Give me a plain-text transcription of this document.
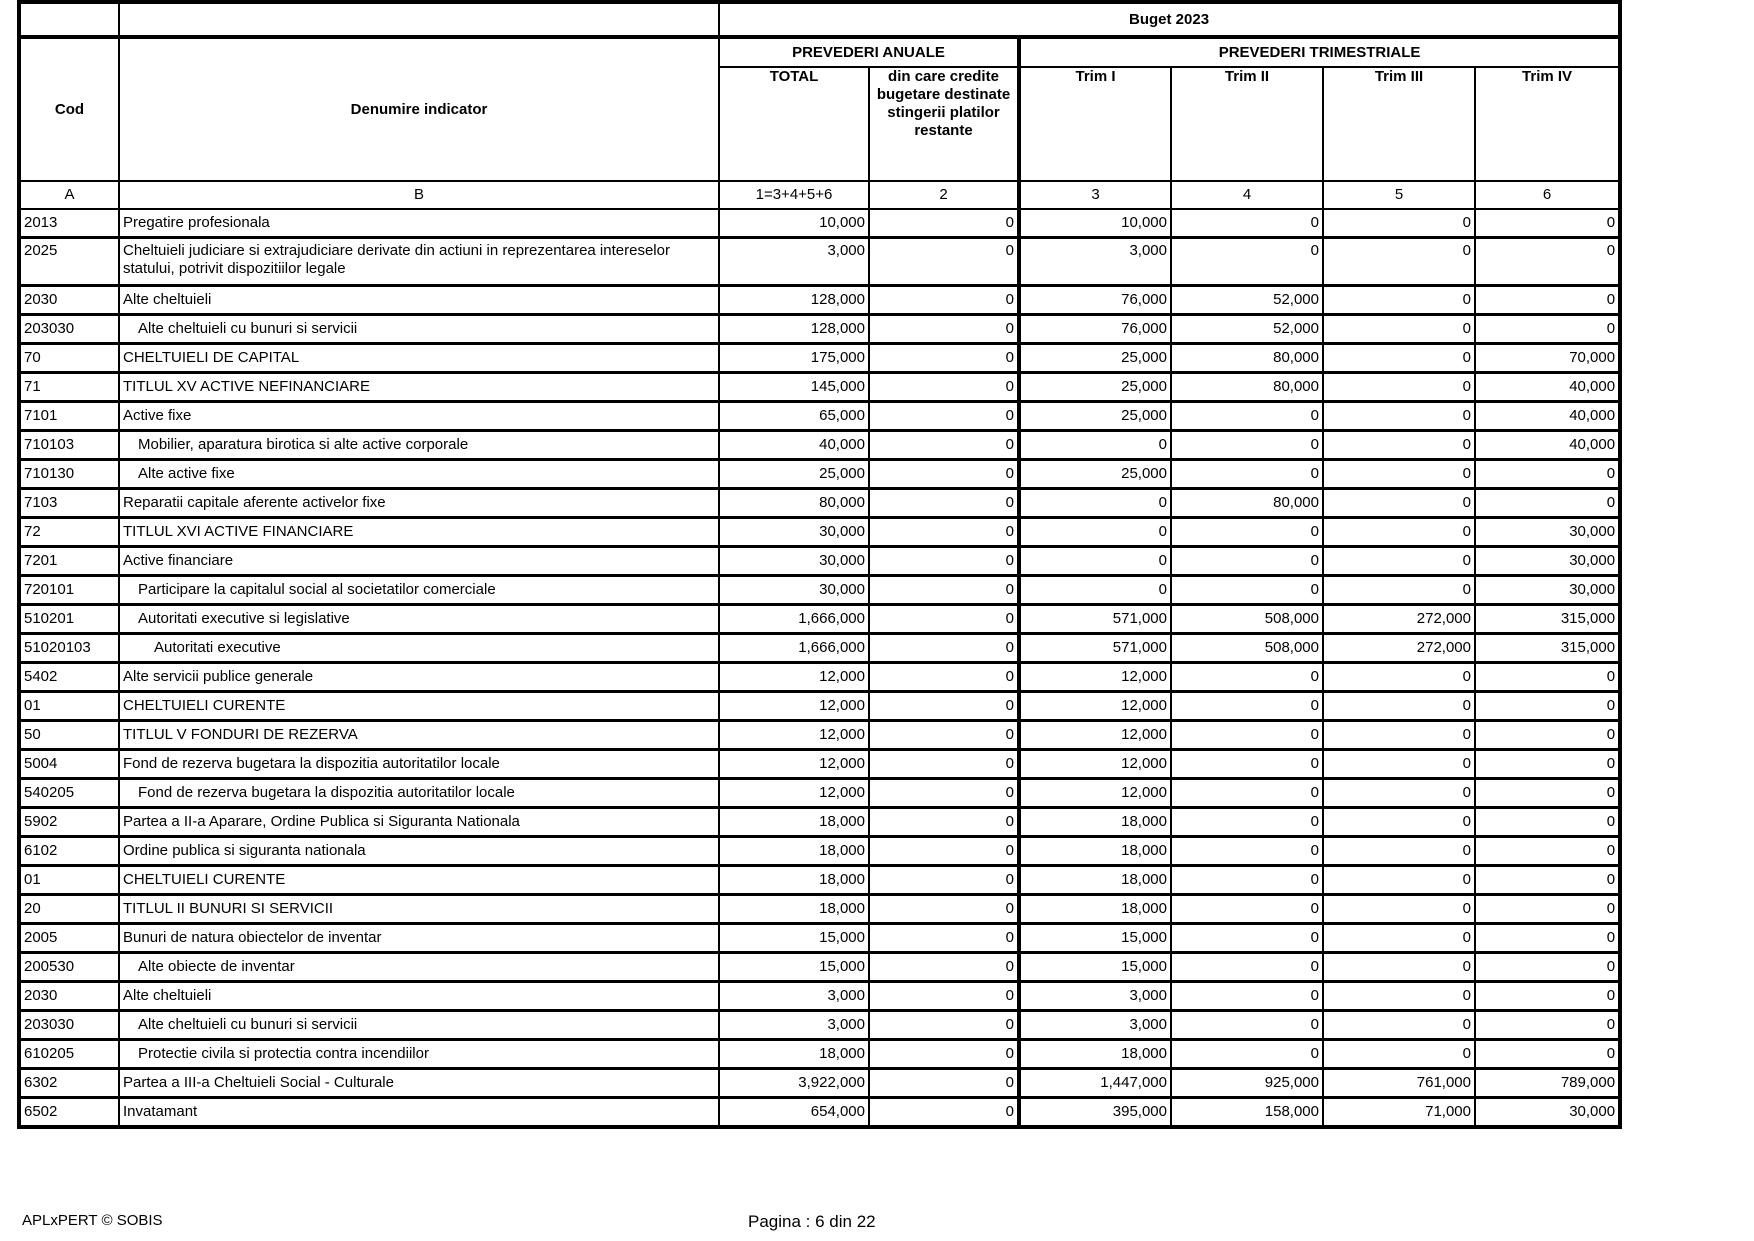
		Buget 2023					
Cod	Denumire indicator	PREVEDERI ANUALE		PREVEDERI TRIMESTRIALE			
		TOTAL	din care credite bugetare destinate stingerii platilor restante	Trim I	Trim II	Trim III	Trim IV
A	B	1=3+4+5+6	2	3	4	5	6
2013	Pregatire profesionala	10,000	0	10,000	0	0	0
2025	Cheltuieli judiciare si extrajudiciare derivate din actiuni in reprezentarea intereselor statului, potrivit dispozitiilor legale	3,000	0	3,000	0	0	0
2030	Alte cheltuieli	128,000	0	76,000	52,000	0	0
203030	Alte cheltuieli cu bunuri si servicii	128,000	0	76,000	52,000	0	0
70	CHELTUIELI DE CAPITAL	175,000	0	25,000	80,000	0	70,000
71	TITLUL XV ACTIVE NEFINANCIARE	145,000	0	25,000	80,000	0	40,000
7101	Active fixe	65,000	0	25,000	0	0	40,000
710103	Mobilier, aparatura birotica si alte active corporale	40,000	0	0	0	0	40,000
710130	Alte active fixe	25,000	0	25,000	0	0	0
7103	Reparatii capitale aferente activelor fixe	80,000	0	0	80,000	0	0
72	TITLUL XVI ACTIVE FINANCIARE	30,000	0	0	0	0	30,000
7201	Active financiare	30,000	0	0	0	0	30,000
720101	Participare la capitalul social al societatilor comerciale	30,000	0	0	0	0	30,000
510201	Autoritati executive si legislative	1,666,000	0	571,000	508,000	272,000	315,000
51020103	Autoritati executive	1,666,000	0	571,000	508,000	272,000	315,000
5402	Alte servicii publice generale	12,000	0	12,000	0	0	0
01	CHELTUIELI CURENTE	12,000	0	12,000	0	0	0
50	TITLUL V FONDURI DE REZERVA	12,000	0	12,000	0	0	0
5004	Fond de rezerva bugetara la dispozitia autoritatilor locale	12,000	0	12,000	0	0	0
540205	Fond de rezerva bugetara la dispozitia autoritatilor locale	12,000	0	12,000	0	0	0
5902	Partea a II-a Aparare, Ordine Publica si Siguranta Nationala	18,000	0	18,000	0	0	0
6102	Ordine publica si siguranta nationala	18,000	0	18,000	0	0	0
01	CHELTUIELI CURENTE	18,000	0	18,000	0	0	0
20	TITLUL II BUNURI SI SERVICII	18,000	0	18,000	0	0	0
2005	Bunuri de natura obiectelor de inventar	15,000	0	15,000	0	0	0
200530	Alte obiecte de inventar	15,000	0	15,000	0	0	0
2030	Alte cheltuieli	3,000	0	3,000	0	0	0
203030	Alte cheltuieli cu bunuri si servicii	3,000	0	3,000	0	0	0
610205	Protectie civila si protectia contra incendiilor	18,000	0	18,000	0	0	0
6302	Partea a III-a Cheltuieli Social - Culturale	3,922,000	0	1,447,000	925,000	761,000	789,000
6502	Invatamant	654,000	0	395,000	158,000	71,000	30,000
APLxPERT © SOBIS	Pagina : 6 din 22
